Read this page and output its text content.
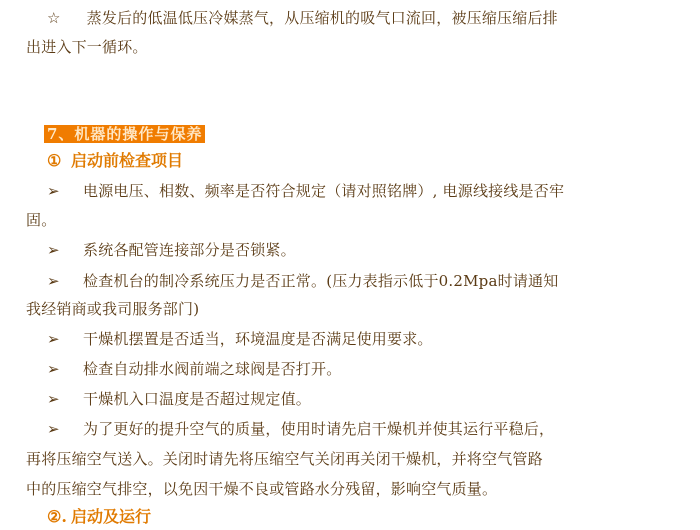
☆ 蒸发后的低温低压冷媒蒸气，从压缩机的吸气口流回，被压缩压缩后排
出进入下一循环。
7、机器的操作与保养
① 启动前检查项目
➢ 电源电压、相数、频率是否符合规定（请对照铭牌）, 电源线接线是否牢
固。
➢ 系统各配管连接部分是否锁紧。
➢ 检查机台的制冷系统压力是否正常。(压力表指示低于0.2Mpa时请通知
我经销商或我司服务部门)
➢ 干燥机摆置是否适当，环境温度是否满足使用要求。
➢ 检查自动排水阀前端之球阀是否打开。
➢ 干燥机入口温度是否超过规定值。
➢ 为了更好的提升空气的质量，使用时请先启干燥机并使其运行平稳后，
再将压缩空气送入。关闭时请先将压缩空气关闭再关闭干燥机，并将空气管路
中的压缩空气排空，以免因干燥不良或管路水分残留，影响空气质量。
②. 启动及运行
